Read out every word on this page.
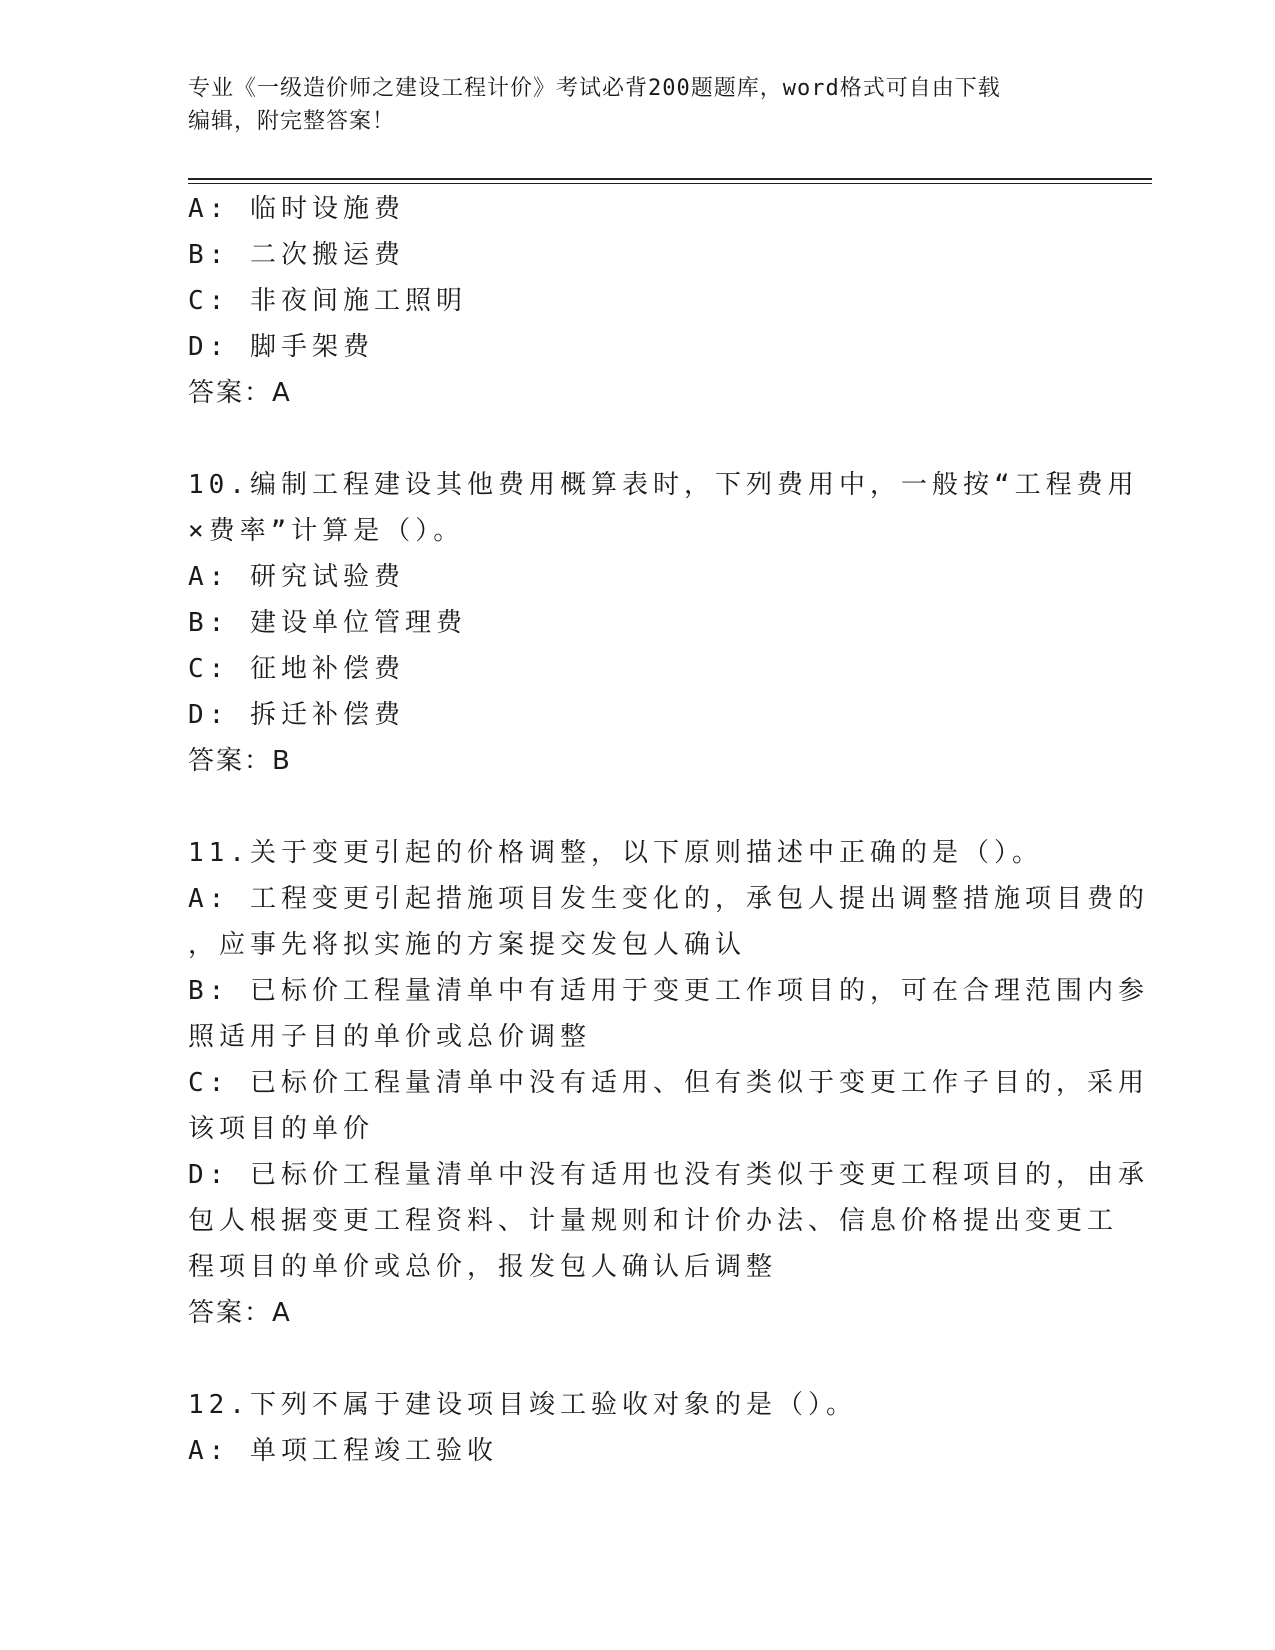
专业《一级造价师之建设工程计价》考试必背200题题库，word格式可自由下载
编辑，附完整答案！
A: 临时设施费
B: 二次搬运费
C: 非夜间施工照明
D: 脚手架费
答案：A
10.编制工程建设其他费用概算表时，下列费用中，一般按“工程费用
×费率”计算是（）。
A: 研究试验费
B: 建设单位管理费
C: 征地补偿费
D: 拆迁补偿费
答案：B
11.关于变更引起的价格调整，以下原则描述中正确的是（）。
A: 工程变更引起措施项目发生变化的，承包人提出调整措施项目费的
，应事先将拟实施的方案提交发包人确认
B: 已标价工程量清单中有适用于变更工作项目的，可在合理范围内参
照适用子目的单价或总价调整
C: 已标价工程量清单中没有适用、但有类似于变更工作子目的，采用
该项目的单价
D: 已标价工程量清单中没有适用也没有类似于变更工程项目的，由承
包人根据变更工程资料、计量规则和计价办法、信息价格提出变更工
程项目的单价或总价，报发包人确认后调整
答案：A
12.下列不属于建设项目竣工验收对象的是（）。
A: 单项工程竣工验收
